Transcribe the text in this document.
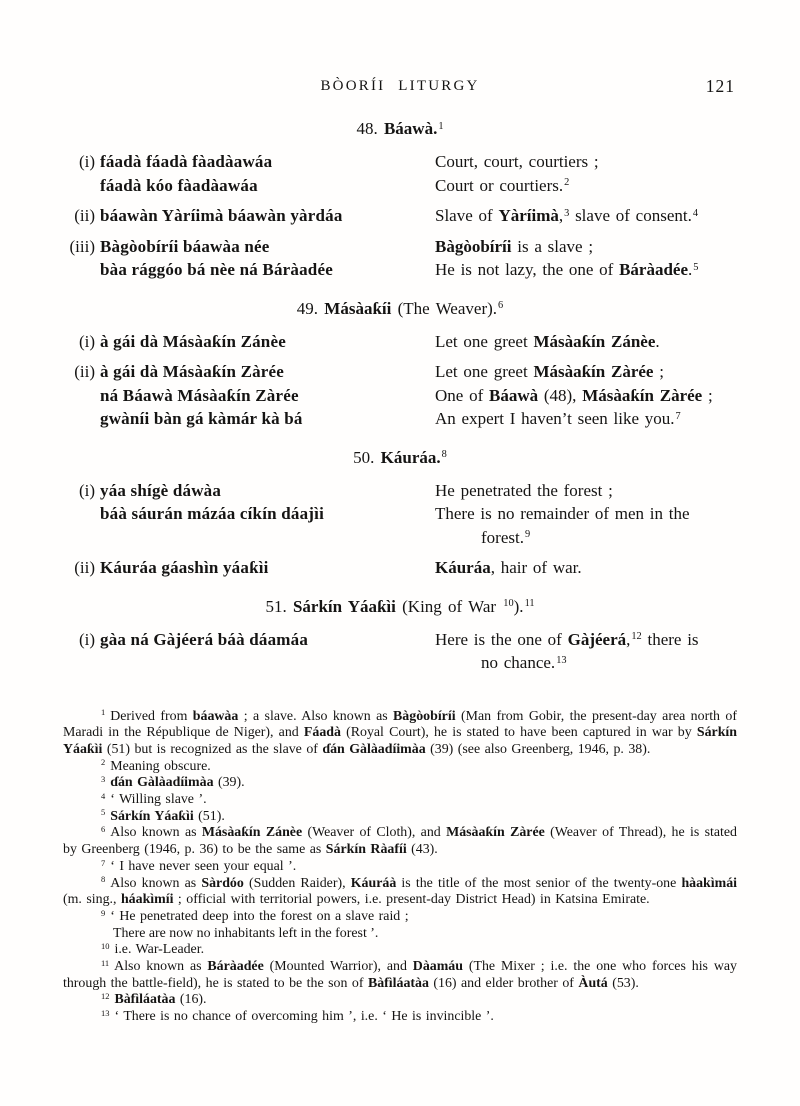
BÒORÍI LITURGY	121
48. Báawà.$^1$
(i) fáadà fáadà fàadàawáa	Court, court, courtiers ;
fáadà kóo fàadàawáa	Court or courtiers.$^2$
(ii) báawàn Yàríimà báawàn yàrdáa	Slave of Yàríimà,$^3$ slave of consent.$^4$
(iii) Bàgòobíríi báawàa née	Bàgòobíríi is a slave ;
bàa rággóo bá nèe ná Báràadée	He is not lazy, the one of Báràadée.$^5$
49. Másàaƙíi (The Weaver).$^6$
(i) à gái dà Másàaƙín Zánèe	Let one greet Másàaƙín Zánèe.
(ii) à gái dà Másàaƙín Zàrée	Let one greet Másàaƙín Zàrée ;
ná Báawà Másàaƙín Zàrée	One of Báawà (48), Másàaƙín Zàrée ;
gwàníi bàn gá kàmár kà bá	An expert I haven’t seen like you.$^7$
50. Káuráa.$^8$
(i) yáa shígè dáwàa	He penetrated the forest ;
báà sáurán mázáa cíkín dáajìi	There is no remainder of men in the
forest.$^9$
(ii) Káuráa gáashìn yáaƙìi	Káuráa, hair of war.
51. Sárkín Yáaƙìi (King of War $^{10}$).$^{11}$
(i) gàa ná Gàjéerá báà dáamáa	Here is the one of Gàjéerá,$^{12}$ there is
no chance.$^{13}$
$^1$ Derived from báawàa ; a slave. Also known as Bàgòobíríi (Man from Gobir, the present-day area north of Maradi in the République de Niger), and Fáadà (Royal Court), he is stated to have been captured in war by Sárkín Yáaƙìi (51) but is recognized as the slave of ɗán Gàlàadíimàa (39) (see also Greenberg, 1946, p. 38).
$^2$ Meaning obscure.
$^3$ ɗán Gàlàadíimàa (39).
$^4$ ‘ Willing slave ’.
$^5$ Sárkín Yáaƙìi (51).
$^6$ Also known as Másàaƙín Zánèe (Weaver of Cloth), and Másàaƙín Zàrée (Weaver of Thread), he is stated by Greenberg (1946, p. 36) to be the same as Sárkín Ràafíi (43).
$^7$ ‘ I have never seen your equal ’.
$^8$ Also known as Sàrdóo (Sudden Raider), Káuráà is the title of the most senior of the twenty-one hàakìmái (m. sing., háakìmíi ; official with territorial powers, i.e. present-day District Head) in Katsina Emirate.
$^9$ ‘ He penetrated deep into the forest on a slave raid ;
There are now no inhabitants left in the forest ’.
$^{10}$ i.e. War-Leader.
$^{11}$ Also known as Báràadée (Mounted Warrior), and Dàamáu (The Mixer ; i.e. the one who forces his way through the battle-field), he is stated to be the son of Bàfìláatàa (16) and elder brother of Àutá (53).
$^{12}$ Bàfìláatàa (16).
$^{13}$ ‘ There is no chance of overcoming him ’, i.e. ‘ He is invincible ’.
